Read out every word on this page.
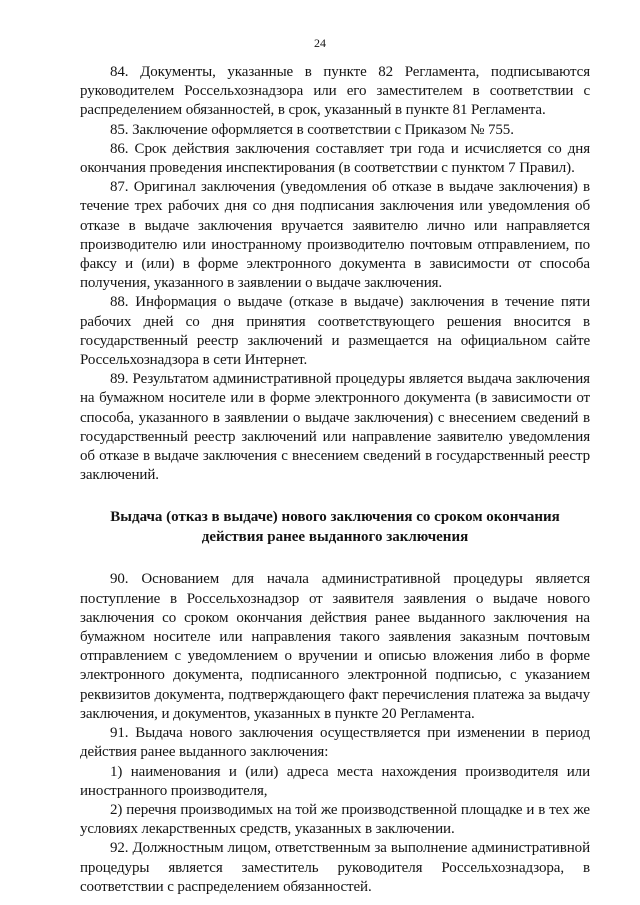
24

84. Документы, указанные в пункте 82 Регламента, подписываются руководителем Россельхознадзора или его заместителем в соответствии с распределением обязанностей, в срок, указанный в пункте 81 Регламента.

85. Заключение оформляется в соответствии с Приказом № 755.

86. Срок действия заключения составляет три года и исчисляется со дня окончания проведения инспектирования (в соответствии с пунктом 7 Правил).

87. Оригинал заключения (уведомления об отказе в выдаче заключения) в течение трех рабочих дня со дня подписания заключения или уведомления об отказе в выдаче заключения вручается заявителю лично или направляется производителю или иностранному производителю почтовым отправлением, по факсу и (или) в форме электронного документа в зависимости от способа получения, указанного в заявлении о выдаче заключения.

88. Информация о выдаче (отказе в выдаче) заключения в течение пяти рабочих дней со дня принятия соответствующего решения вносится в государственный реестр заключений и размещается на официальном сайте Россельхознадзора в сети Интернет.

89. Результатом административной процедуры является выдача заключения на бумажном носителе или в форме электронного документа (в зависимости от способа, указанного в заявлении о выдаче заключения) с внесением сведений в государственный реестр заключений или направление заявителю уведомления об отказе в выдаче заключения с внесением сведений в государственный реестр заключений.

Выдача (отказ в выдаче) нового заключения со сроком окончания действия ранее выданного заключения

90. Основанием для начала административной процедуры является поступление в Россельхознадзор от заявителя заявления о выдаче нового заключения со сроком окончания действия ранее выданного заключения на бумажном носителе или направления такого заявления заказным почтовым отправлением с уведомлением о вручении и описью вложения либо в форме электронного документа, подписанного электронной подписью, с указанием реквизитов документа, подтверждающего факт перечисления платежа за выдачу заключения, и документов, указанных в пункте 20 Регламента.

91. Выдача нового заключения осуществляется при изменении в период действия ранее выданного заключения:

1) наименования и (или) адреса места нахождения производителя или иностранного производителя,

2) перечня производимых на той же производственной площадке и в тех же условиях лекарственных средств, указанных в заключении.

92. Должностным лицом, ответственным за выполнение административной процедуры является заместитель руководителя Россельхознадзора, в соответствии с распределением обязанностей.
